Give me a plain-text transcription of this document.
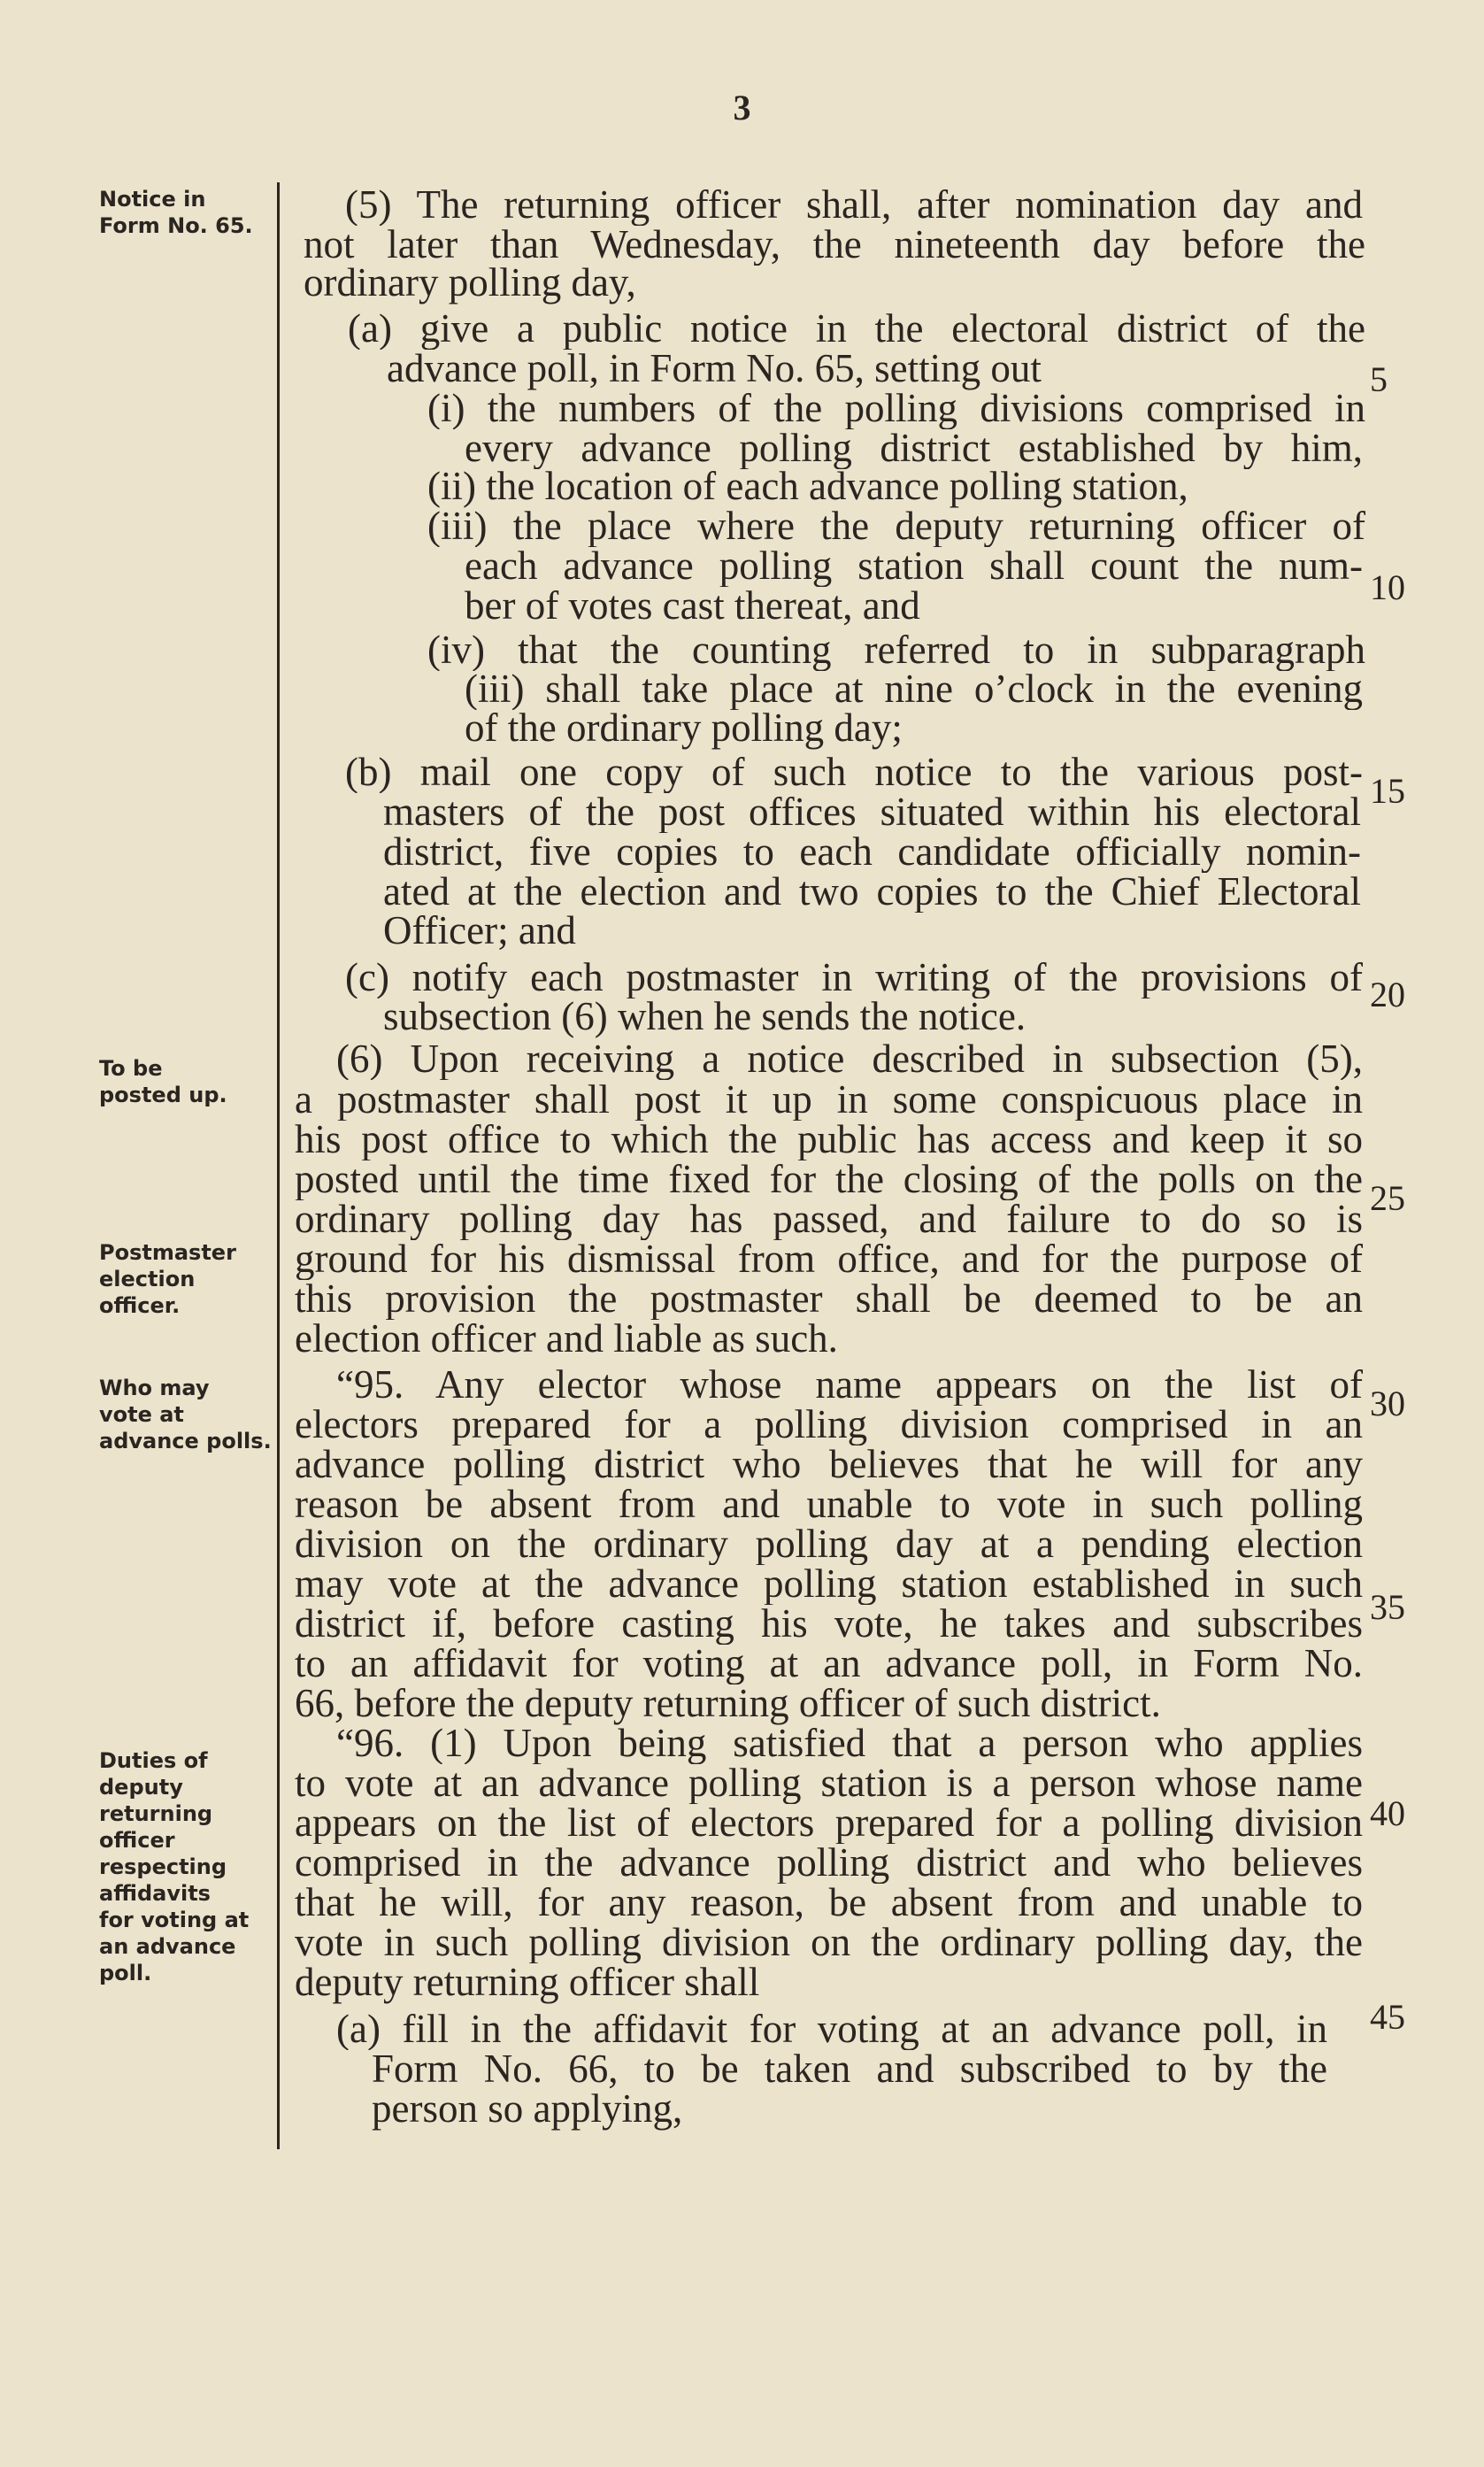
3
Notice in
Form No. 65.
To be
posted up.
Postmaster
election
officer.
Who may
vote at
advance polls.
Duties of
deputy
returning
officer
respecting
affidavits
for voting at
an advance
poll.
5
10
15
20
25
30
35
40
45
(5) The returning officer shall, after nomination day and
not later than Wednesday, the nineteenth day before the
ordinary polling day,
(a) give a public notice in the electoral district of the
advance poll, in Form No. 65, setting out
(i) the numbers of the polling divisions comprised in
every advance polling district established by him,
(ii) the location of each advance polling station,
(iii) the place where the deputy returning officer of
each advance polling station shall count the num-
ber of votes cast thereat, and
(iv) that the counting referred to in subparagraph
(iii) shall take place at nine o’clock in the evening
of the ordinary polling day;
(b) mail one copy of such notice to the various post-
masters of the post offices situated within his electoral
district, five copies to each candidate officially nomin-
ated at the election and two copies to the Chief Electoral
Officer; and
(c) notify each postmaster in writing of the provisions of
subsection (6) when he sends the notice.
(6) Upon receiving a notice described in subsection (5),
a postmaster shall post it up in some conspicuous place in
his post office to which the public has access and keep it so
posted until the time fixed for the closing of the polls on the
ordinary polling day has passed, and failure to do so is
ground for his dismissal from office, and for the purpose of
this provision the postmaster shall be deemed to be an
election officer and liable as such.
“95. Any elector whose name appears on the list of
electors prepared for a polling division comprised in an
advance polling district who believes that he will for any
reason be absent from and unable to vote in such polling
division on the ordinary polling day at a pending election
may vote at the advance polling station established in such
district if, before casting his vote, he takes and subscribes
to an affidavit for voting at an advance poll, in Form No.
66, before the deputy returning officer of such district.
“96. (1) Upon being satisfied that a person who applies
to vote at an advance polling station is a person whose name
appears on the list of electors prepared for a polling division
comprised in the advance polling district and who believes
that he will, for any reason, be absent from and unable to
vote in such polling division on the ordinary polling day, the
deputy returning officer shall
(a) fill in the affidavit for voting at an advance poll, in
Form No. 66, to be taken and subscribed to by the
person so applying,
